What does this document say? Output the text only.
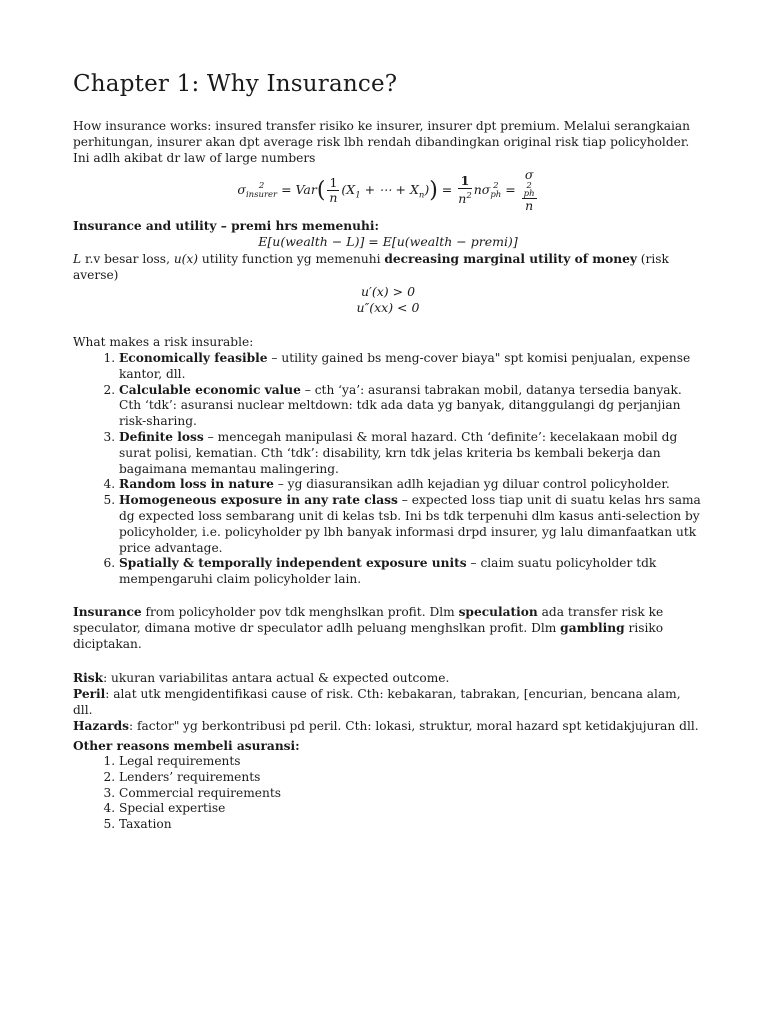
Chapter 1: Why Insurance?
How insurance works: insured transfer risiko ke insurer, insurer dpt premium. Melalui serangkaian perhitungan, insurer akan dpt average risk lbh rendah dibandingkan original risk tiap policyholder. Ini adlh akibat dr law of large numbers
σ	2
insurer = $Var( \frac{1}{n} (X_1$ + ⋯ + $X_n)) = \frac{1}{n^2}$ nσ 2
ph = σ
2
ph
n
Insurance and utility – premi hrs memenuhi:
E[u(wealth − L)] = E[u(wealth − premi)]
L r.v besar loss, u(x) utility function yg memenuhi decreasing marginal utility of money (risk averse)
u′(x) > 0
u″(xx) < 0
What makes a risk insurable:
1. Economically feasible – utility gained bs meng-cover biaya" spt komisi penjualan, expense kantor, dll.
2. Calculable economic value – cth ‘ya’: asuransi tabrakan mobil, datanya tersedia banyak. Cth ‘tdk’: asuransi nuclear meltdown: tdk ada data yg banyak, ditanggulangi dg perjanjian risk-sharing.
3. Definite loss – mencegah manipulasi & moral hazard. Cth ‘definite’: kecelakaan mobil dg surat polisi, kematian. Cth ‘tdk’: disability, krn tdk jelas kriteria bs kembali bekerja dan bagaimana memantau malingering.
4. Random loss in nature – yg diasuransikan adlh kejadian yg diluar control policyholder.
5. Homogeneous exposure in any rate class – expected loss tiap unit di suatu kelas hrs sama dg expected loss sembarang unit di kelas tsb. Ini bs tdk terpenuhi dlm kasus anti-selection by policyholder, i.e. policyholder py lbh banyak informasi drpd insurer, yg lalu dimanfaatkan utk price advantage.
6. Spatially & temporally independent exposure units – claim suatu policyholder tdk mempengaruhi claim policyholder lain.
Insurance from policyholder pov tdk menghslkan profit. Dlm speculation ada transfer risk ke speculator, dimana motive dr speculator adlh peluang menghslkan profit. Dlm gambling risiko diciptakan.
Risk: ukuran variabilitas antara actual & expected outcome.
Peril: alat utk mengidentifikasi cause of risk. Cth: kebakaran, tabrakan, [encurian, bencana alam, dll.
Hazards: factor" yg berkontribusi pd peril. Cth: lokasi, struktur, moral hazard spt ketidakjujuran dll.
Other reasons membeli asuransi:
1. Legal requirements
2. Lenders’ requirements
3. Commercial requirements
4. Special expertise
5. Taxation
